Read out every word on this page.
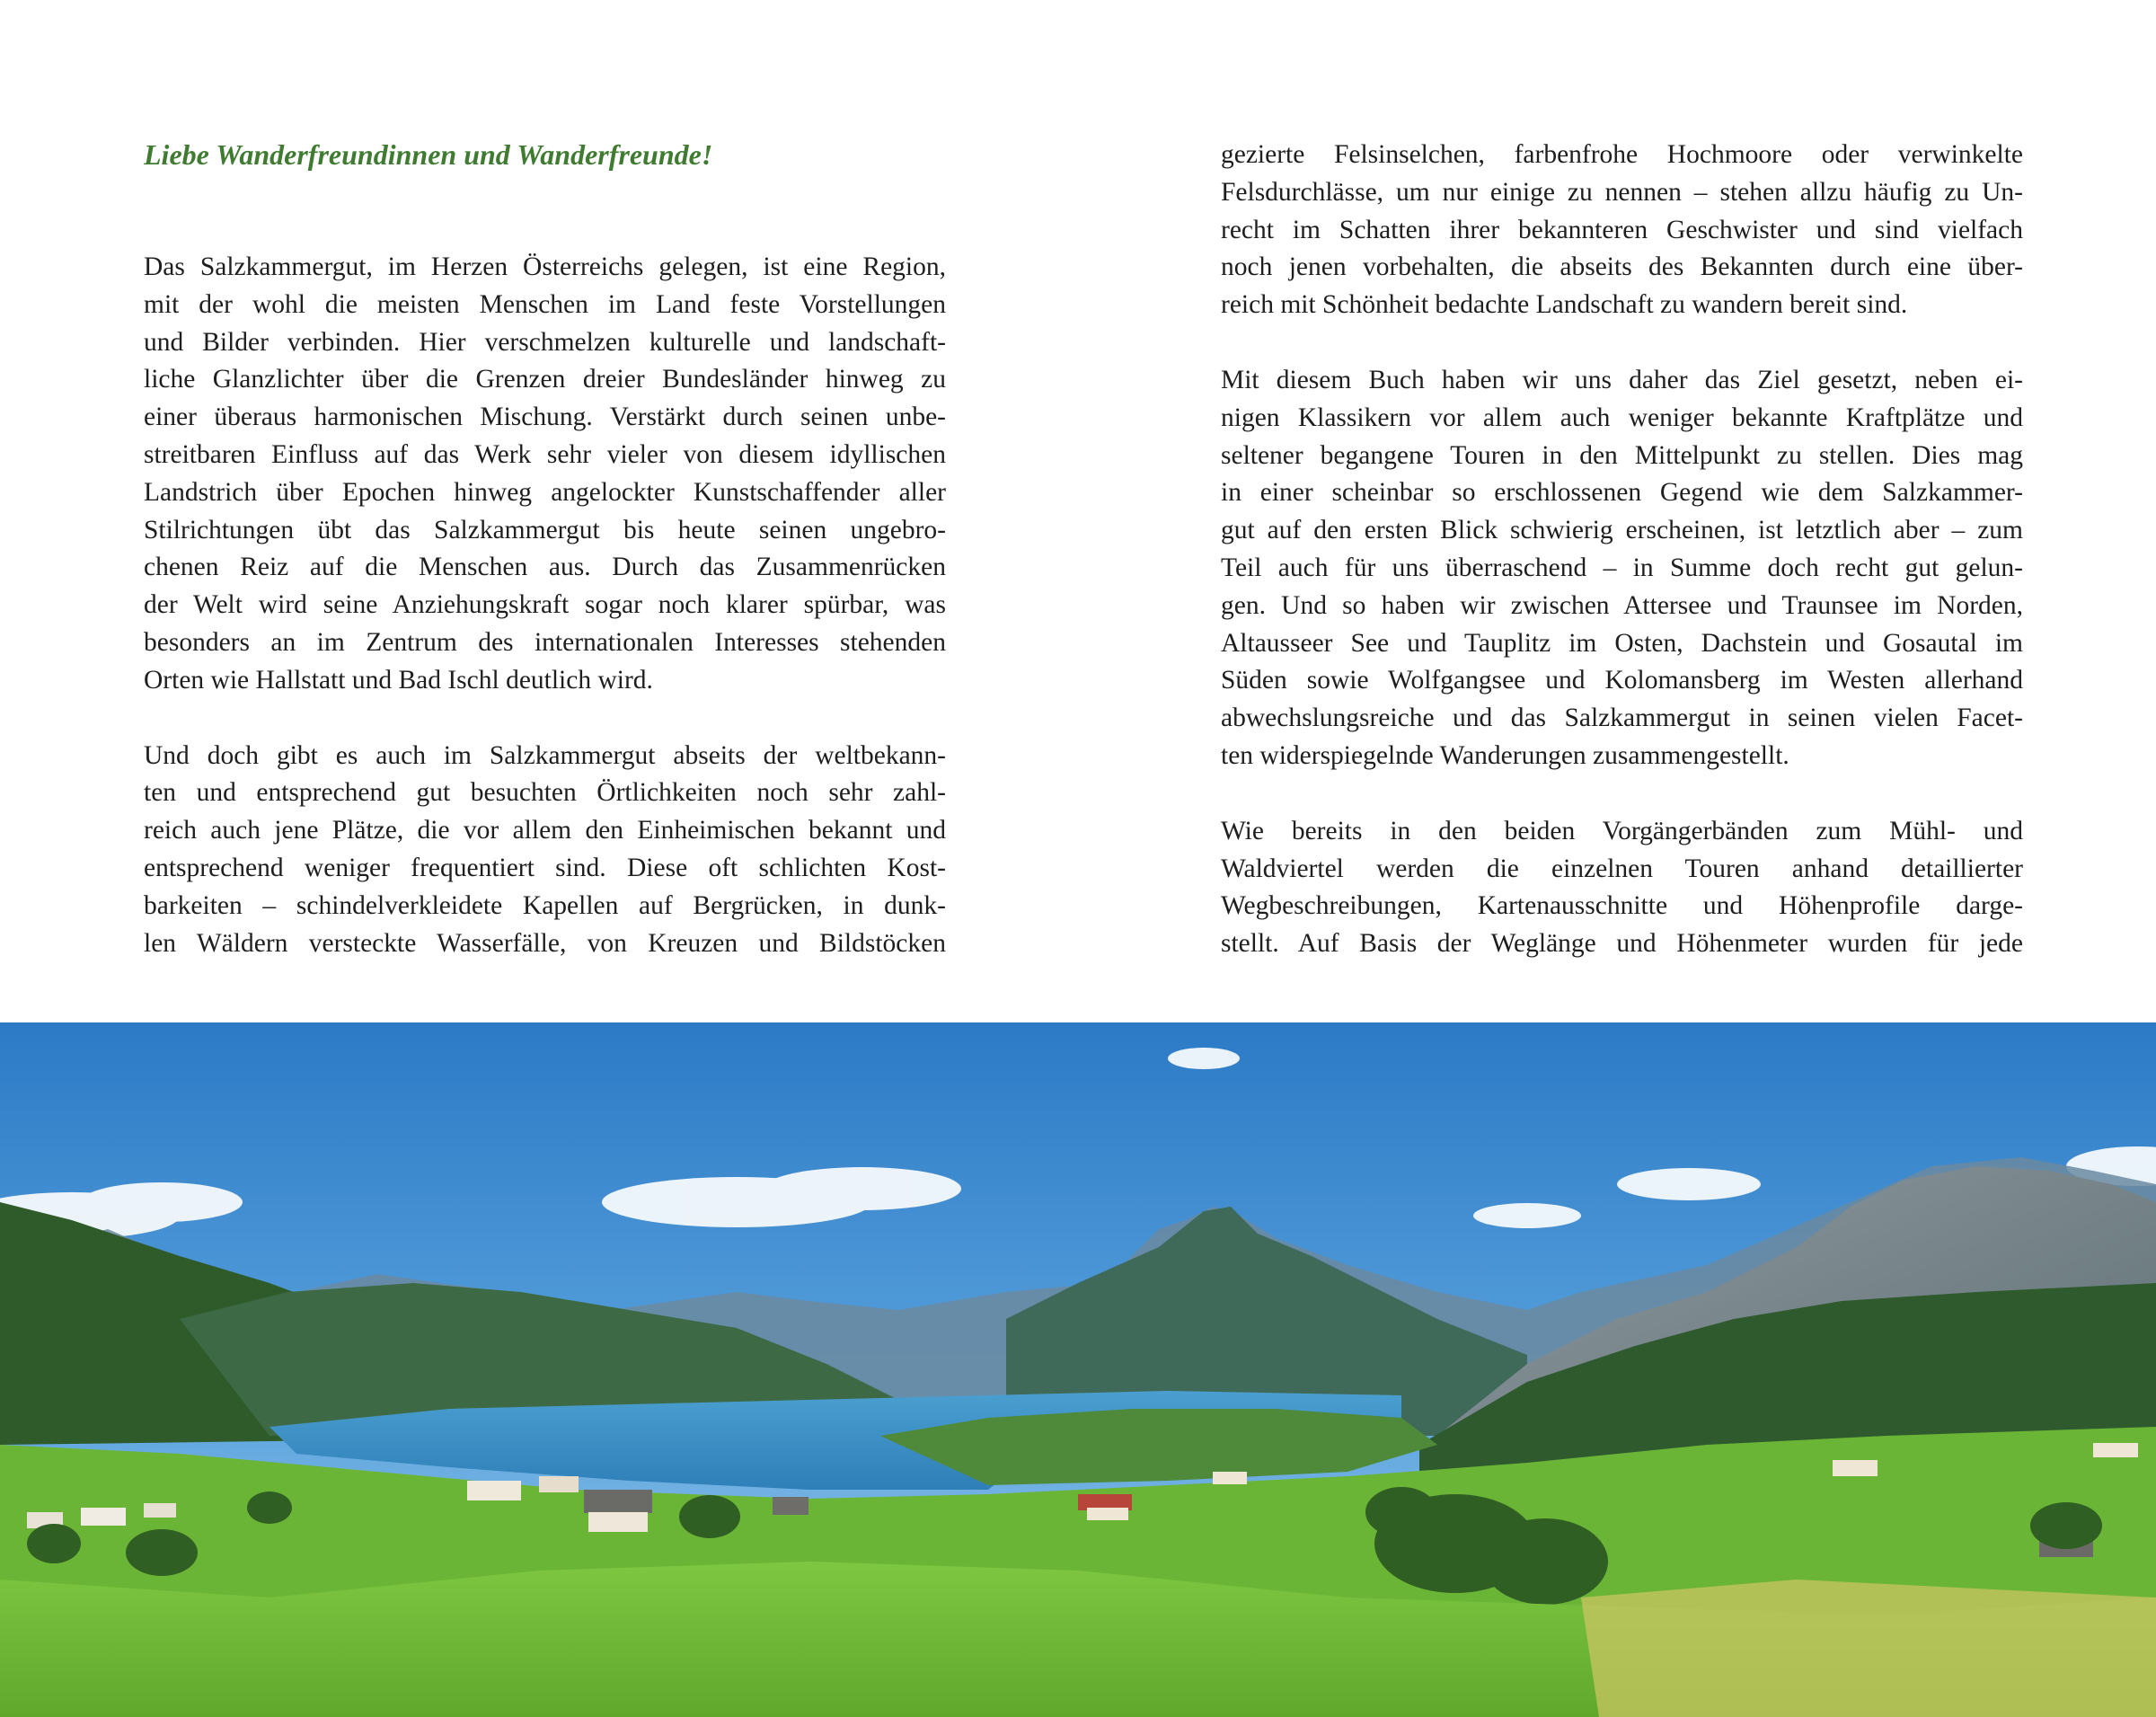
Liebe Wanderfreundinnen und Wanderfreunde!

Das Salzkammergut, im Herzen Österreichs gelegen, ist eine Region,
mit der wohl die meisten Menschen im Land feste Vorstellungen
und Bilder verbinden. Hier verschmelzen kulturelle und landschaft-
liche Glanzlichter über die Grenzen dreier Bundesländer hinweg zu
einer überaus harmonischen Mischung. Verstärkt durch seinen unbe-
streitbaren Einfluss auf das Werk sehr vieler von diesem idyllischen
Landstrich über Epochen hinweg angelockter Kunstschaffender aller
Stilrichtungen übt das Salzkammergut bis heute seinen ungebro-
chenen Reiz auf die Menschen aus. Durch das Zusammenrücken
der Welt wird seine Anziehungskraft sogar noch klarer spürbar, was
besonders an im Zentrum des internationalen Interesses stehenden
Orten wie Hallstatt und Bad Ischl deutlich wird.

Und doch gibt es auch im Salzkammergut abseits der weltbekann-
ten und entsprechend gut besuchten Örtlichkeiten noch sehr zahl-
reich auch jene Plätze, die vor allem den Einheimischen bekannt und
entsprechend weniger frequentiert sind. Diese oft schlichten Kost-
barkeiten – schindelverkleidete Kapellen auf Bergrücken, in dunk-
len Wäldern versteckte Wasserfälle, von Kreuzen und Bildstöcken

gezierte Felsinselchen, farbenfrohe Hochmoore oder verwinkelte
Felsdurchlässe, um nur einige zu nennen – stehen allzu häufig zu Un-
recht im Schatten ihrer bekannteren Geschwister und sind vielfach
noch jenen vorbehalten, die abseits des Bekannten durch eine über-
reich mit Schönheit bedachte Landschaft zu wandern bereit sind.

Mit diesem Buch haben wir uns daher das Ziel gesetzt, neben ei-
nigen Klassikern vor allem auch weniger bekannte Kraftplätze und
seltener begangene Touren in den Mittelpunkt zu stellen. Dies mag
in einer scheinbar so erschlossenen Gegend wie dem Salzkammer-
gut auf den ersten Blick schwierig erscheinen, ist letztlich aber – zum
Teil auch für uns überraschend – in Summe doch recht gut gelun-
gen. Und so haben wir zwischen Attersee und Traunsee im Norden,
Altausseer See und Tauplitz im Osten, Dachstein und Gosautal im
Süden sowie Wolfgangsee und Kolomansberg im Westen allerhand
abwechslungsreiche und das Salzkammergut in seinen vielen Facet-
ten widerspiegelnde Wanderungen zusammengestellt.

Wie bereits in den beiden Vorgängerbänden zum Mühl- und
Waldviertel werden die einzelnen Touren anhand detaillierter
Wegbeschreibungen, Kartenausschnitte und Höhenprofile darge-
stellt. Auf Basis der Weglänge und Höhenmeter wurden für jede
